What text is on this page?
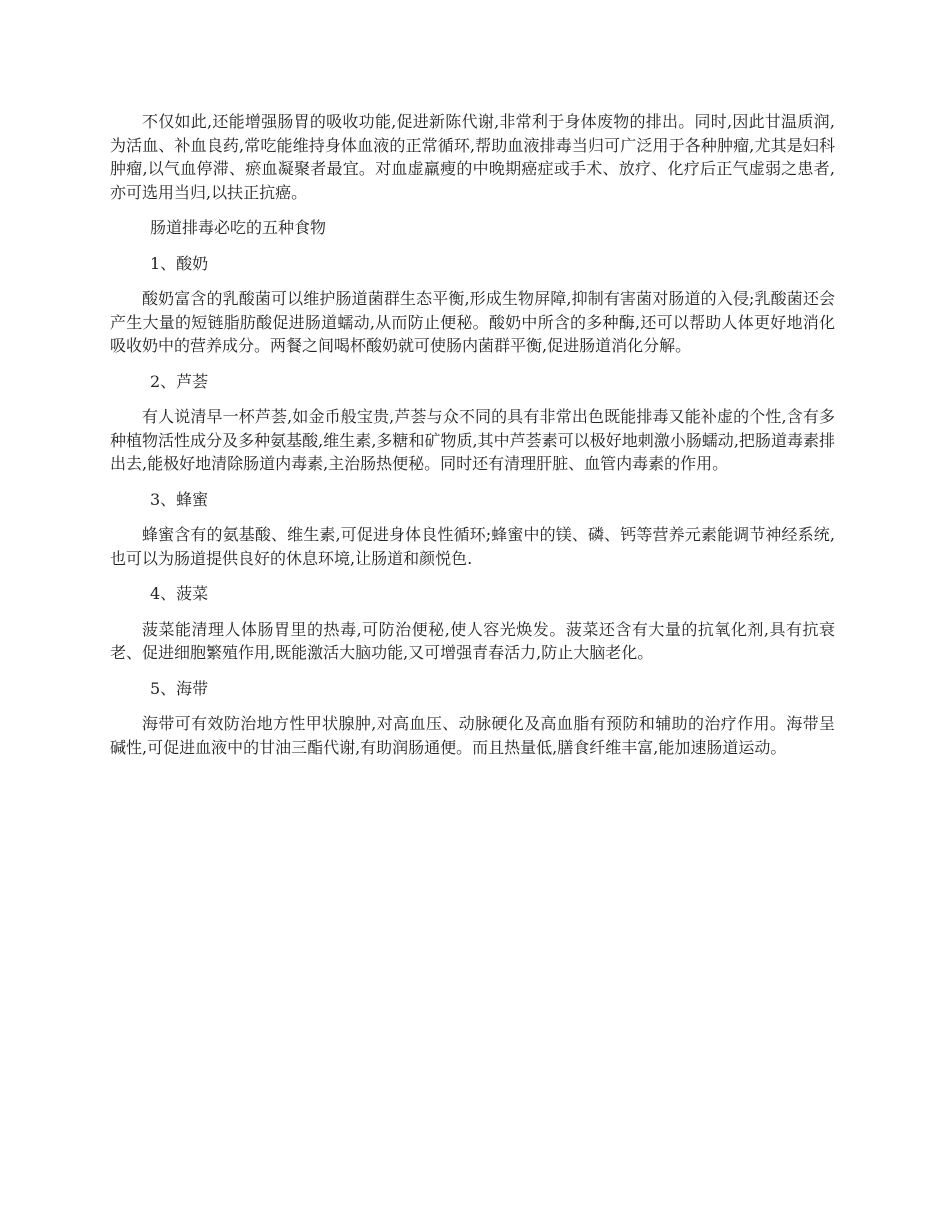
不仅如此,还能增强肠胃的吸收功能,促进新陈代谢,非常利于身体废物的排出。同时,因此甘温质润,为活血、补血良药,常吃能维持身体血液的正常循环,帮助血液排毒当归可广泛用于各种肿瘤,尤其是妇科肿瘤,以气血停滞、瘀血凝聚者最宜。对血虚羸瘦的中晚期癌症或手术、放疗、化疗后正气虚弱之患者,亦可选用当归,以扶正抗癌。

肠道排毒必吃的五种食物

1、酸奶

酸奶富含的乳酸菌可以维护肠道菌群生态平衡,形成生物屏障,抑制有害菌对肠道的入侵;乳酸菌还会产生大量的短链脂肪酸促进肠道蠕动,从而防止便秘。酸奶中所含的多种酶,还可以帮助人体更好地消化吸收奶中的营养成分。两餐之间喝杯酸奶就可使肠内菌群平衡,促进肠道消化分解。

2、芦荟

有人说清早一杯芦荟,如金币般宝贵,芦荟与众不同的具有非常出色既能排毒又能补虚的个性,含有多种植物活性成分及多种氨基酸,维生素,多糖和矿物质,其中芦荟素可以极好地刺激小肠蠕动,把肠道毒素排出去,能极好地清除肠道内毒素,主治肠热便秘。同时还有清理肝脏、血管内毒素的作用。

3、蜂蜜

蜂蜜含有的氨基酸、维生素,可促进身体良性循环;蜂蜜中的镁、磷、钙等营养元素能调节神经系统,也可以为肠道提供良好的休息环境,让肠道和颜悦色.

4、菠菜

菠菜能清理人体肠胃里的热毒,可防治便秘,使人容光焕发。菠菜还含有大量的抗氧化剂,具有抗衰老、促进细胞繁殖作用,既能激活大脑功能,又可增强青春活力,防止大脑老化。

5、海带

海带可有效防治地方性甲状腺肿,对高血压、动脉硬化及高血脂有预防和辅助的治疗作用。海带呈碱性,可促进血液中的甘油三酯代谢,有助润肠通便。而且热量低,膳食纤维丰富,能加速肠道运动。
